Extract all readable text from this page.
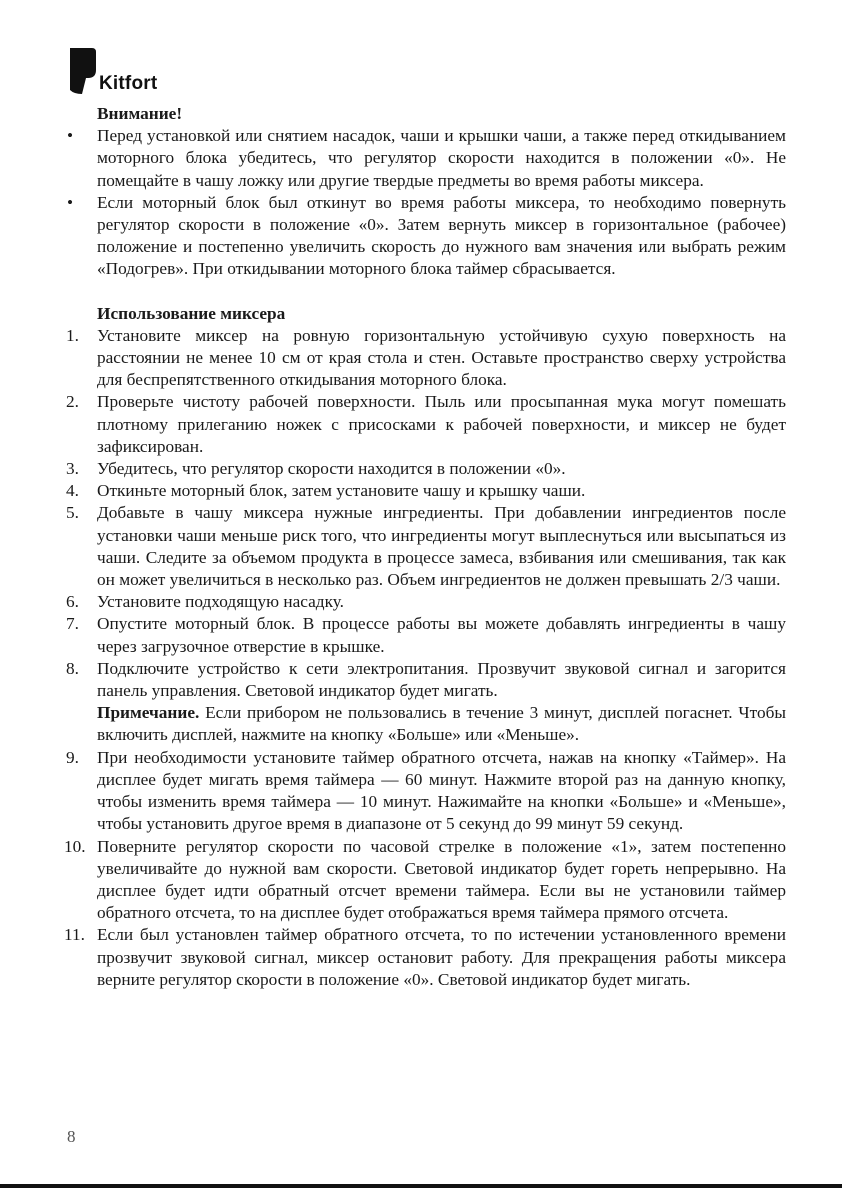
Kitfort
Внимание!
•	Перед установкой или снятием насадок, чаши и крышки чаши, а также перед откидыванием моторного блока убедитесь, что регулятор скорости находится в положении «0». Не помещайте в чашу ложку или другие твердые предметы во время работы миксера.
•	Если моторный блок был откинут во время работы миксера, то необходимо повернуть регулятор скорости в положение «0». Затем вернуть миксер в горизонтальное (рабочее) положение и постепенно увеличить скорость до нужного вам значения или выбрать режим «Подогрев». При откидывании моторного блока таймер сбрасывается.
Использование миксера
1.	Установите миксер на ровную горизонтальную устойчивую сухую поверхность на расстоянии не менее 10 см от края стола и стен. Оставьте пространство сверху устройства для беспрепятственного откидывания моторного блока.
2.	Проверьте чистоту рабочей поверхности. Пыль или просыпанная мука могут помешать плотному прилеганию ножек с присосками к рабочей поверхности, и миксер не будет зафиксирован.
3.	Убедитесь, что регулятор скорости находится в положении «0».
4.	Откиньте моторный блок, затем установите чашу и крышку чаши.
5.	Добавьте в чашу миксера нужные ингредиенты. При добавлении ингредиентов после установки чаши меньше риск того, что ингредиенты могут выплеснуться или высыпаться из чаши. Следите за объемом продукта в процессе замеса, взбивания или смешивания, так как он может увеличиться в несколько раз. Объем ингредиентов не должен превышать 2/3 чаши.
6.	Установите подходящую насадку.
7.	Опустите моторный блок. В процессе работы вы можете добавлять ингредиенты в чашу через загрузочное отверстие в крышке.
8.	Подключите устройство к сети электропитания. Прозвучит звуковой сигнал и загорится панель управления. Световой индикатор будет мигать.
Примечание. Если прибором не пользовались в течение 3 минут, дисплей погаснет. Чтобы включить дисплей, нажмите на кнопку «Больше» или «Меньше».
9.	При необходимости установите таймер обратного отсчета, нажав на кнопку «Таймер». На дисплее будет мигать время таймера — 60 минут. Нажмите второй раз на данную кнопку, чтобы изменить время таймера — 10 минут. Нажимайте на кнопки «Больше» и «Меньше», чтобы установить другое время в диапазоне от 5 секунд до 99 минут 59 секунд.
10. Поверните регулятор скорости по часовой стрелке в положение «1», затем постепенно увеличивайте до нужной вам скорости. Световой индикатор будет гореть непрерывно. На дисплее будет идти обратный отсчет времени таймера. Если вы не установили таймер обратного отсчета, то на дисплее будет отображаться время таймера прямого отсчета.
11. Если был установлен таймер обратного отсчета, то по истечении установленного времени прозвучит звуковой сигнал, миксер остановит работу. Для прекращения работы миксера верните регулятор скорости в положение «0». Световой индикатор будет мигать.
8
